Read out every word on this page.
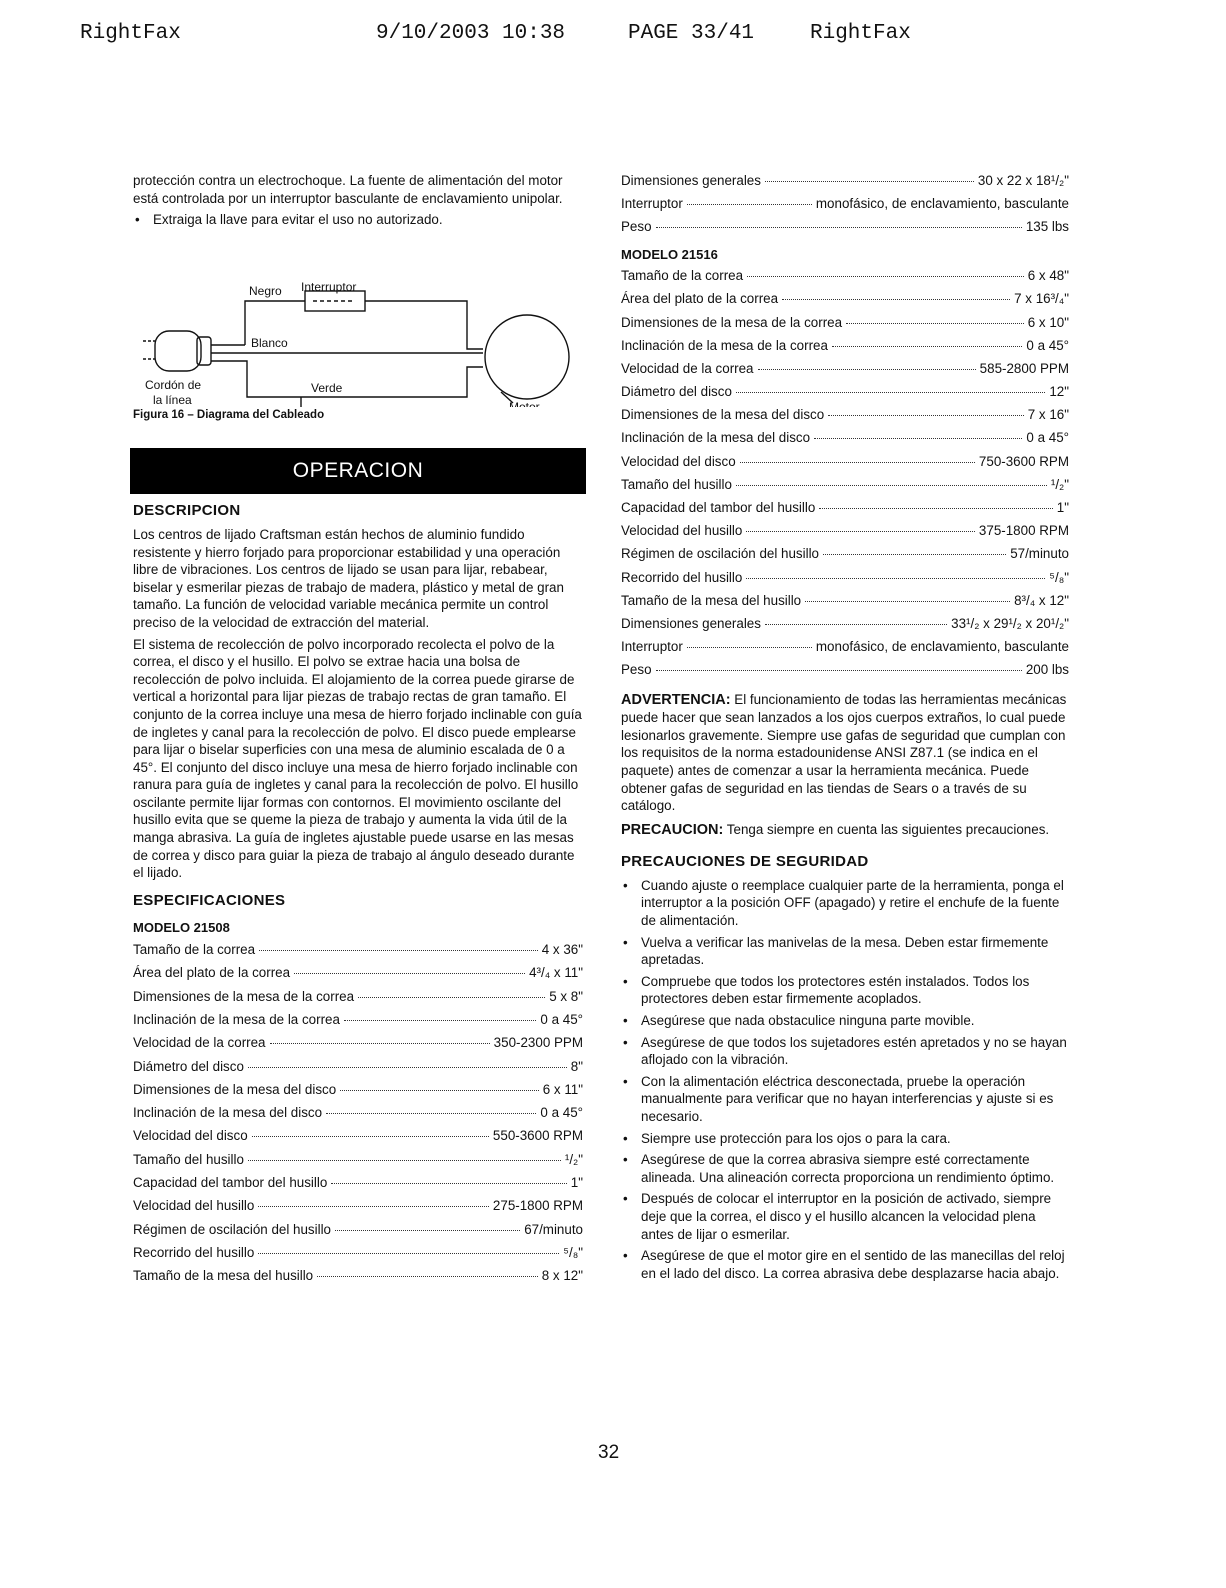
RightFax	9/10/2003 10:38	PAGE 33/41	RightFax

protección contra un electrochoque. La fuente de alimentación del motor está controlada por un interruptor basculante de enclavamiento unipolar.

• Extraiga la llave para evitar el uso no autorizado.
Interruptor
Negro
Blanco
Verde
Cordón de
la línea	Motor

Figura 16 – Diagrama del Cableado

OPERACION
DESCRIPCION

Los centros de lijado Craftsman están hechos de aluminio fundido resistente y hierro forjado para proporcionar estabilidad y una operación libre de vibraciones. Los centros de lijado se usan para lijar, rebabear, biselar y esmerilar piezas de trabajo de madera, plástico y metal de gran tamaño. La función de velocidad variable mecánica permite un control preciso de la velocidad de extracción del material.

El sistema de recolección de polvo incorporado recolecta el polvo de la correa, el disco y el husillo. El polvo se extrae hacia una bolsa de recolección de polvo incluida. El alojamiento de la correa puede girarse de vertical a horizontal para lijar piezas de trabajo rectas de gran tamaño. El conjunto de la correa incluye una mesa de hierro forjado inclinable con guía de ingletes y canal para la recolección de polvo. El disco puede emplearse para lijar o biselar superficies con una mesa de aluminio escalada de 0 a 45°. El conjunto del disco incluye una mesa de hierro forjado inclinable con ranura para guía de ingletes y canal para la recolección de polvo. El husillo oscilante permite lijar formas con contornos. El movimiento oscilante del husillo evita que se queme la pieza de trabajo y aumenta la vida útil de la manga abrasiva. La guía de ingletes ajustable puede usarse en las mesas de correa y disco para guiar la pieza de trabajo al ángulo deseado durante el lijado.

ESPECIFICACIONES
MODELO 21508
Tamaño de la correa	4 x 36"
Área del plato de la correa	4³/₄ x 11"
Dimensiones de la mesa de la correa	5 x 8"
Inclinación de la mesa de la correa	0 a 45°
Velocidad de la correa	350-2300 PPM
Diámetro del disco	8"
Dimensiones de la mesa del disco	6 x 11"
Inclinación de la mesa del disco	0 a 45°
Velocidad del disco	550-3600 RPM
Tamaño del husillo	¹/₂"
Capacidad del tambor del husillo	1"
Velocidad del husillo	275-1800 RPM
Régimen de oscilación del husillo	67/minuto
Recorrido del husillo	⁵/₈"
Tamaño de la mesa del husillo	8 x 12"
Dimensiones generales	30 x 22 x 18¹/₂"
Interruptor	monofásico, de enclavamiento, basculante
Peso	135 lbs
MODELO 21516
Tamaño de la correa	6 x 48"
Área del plato de la correa	7 x 16³/₄"
Dimensiones de la mesa de la correa	6 x 10"
Inclinación de la mesa de la correa	0 a 45°
Velocidad de la correa	585-2800 PPM
Diámetro del disco	12"
Dimensiones de la mesa del disco	7 x 16"
Inclinación de la mesa del disco	0 a 45°
Velocidad del disco	750-3600 RPM
Tamaño del husillo	¹/₂"
Capacidad del tambor del husillo	1"
Velocidad del husillo	375-1800 RPM
Régimen de oscilación del husillo	57/minuto
Recorrido del husillo	⁵/₈"
Tamaño de la mesa del husillo	8³/₄ x 12"
Dimensiones generales	33¹/₂ x 29¹/₂ x 20¹/₂"
Interruptor	monofásico, de enclavamiento, basculante
Peso	200 lbs

ADVERTENCIA: El funcionamiento de todas las herramientas mecánicas puede hacer que sean lanzados a los ojos cuerpos extraños, lo cual puede lesionarlos gravemente. Siempre use gafas de seguridad que cumplan con los requisitos de la norma estadounidense ANSI Z87.1 (se indica en el paquete) antes de comenzar a usar la herramienta mecánica. Puede obtener gafas de seguridad en las tiendas de Sears o a través de su catálogo.

PRECAUCION: Tenga siempre en cuenta las siguientes precauciones.

PRECAUCIONES DE SEGURIDAD
• Cuando ajuste o reemplace cualquier parte de la herramienta, ponga el interruptor a la posición OFF (apagado) y retire el enchufe de la fuente de alimentación.
• Vuelva a verificar las manivelas de la mesa. Deben estar firmemente apretadas.
• Compruebe que todos los protectores estén instalados. Todos los protectores deben estar firmemente acoplados.
• Asegúrese que nada obstaculice ninguna parte movible.
• Asegúrese de que todos los sujetadores estén apretados y no se hayan aflojado con la vibración.
• Con la alimentación eléctrica desconectada, pruebe la operación manualmente para verificar que no hayan interferencias y ajuste si es necesario.
• Siempre use protección para los ojos o para la cara.
• Asegúrese de que la correa abrasiva siempre esté correctamente alineada. Una alineación correcta proporciona un rendimiento óptimo.
• Después de colocar el interruptor en la posición de activado, siempre deje que la correa, el disco y el husillo alcancen la velocidad plena antes de lijar o esmerilar.
• Asegúrese de que el motor gire en el sentido de las manecillas del reloj en el lado del disco. La correa abrasiva debe desplazarse hacia abajo.
32
